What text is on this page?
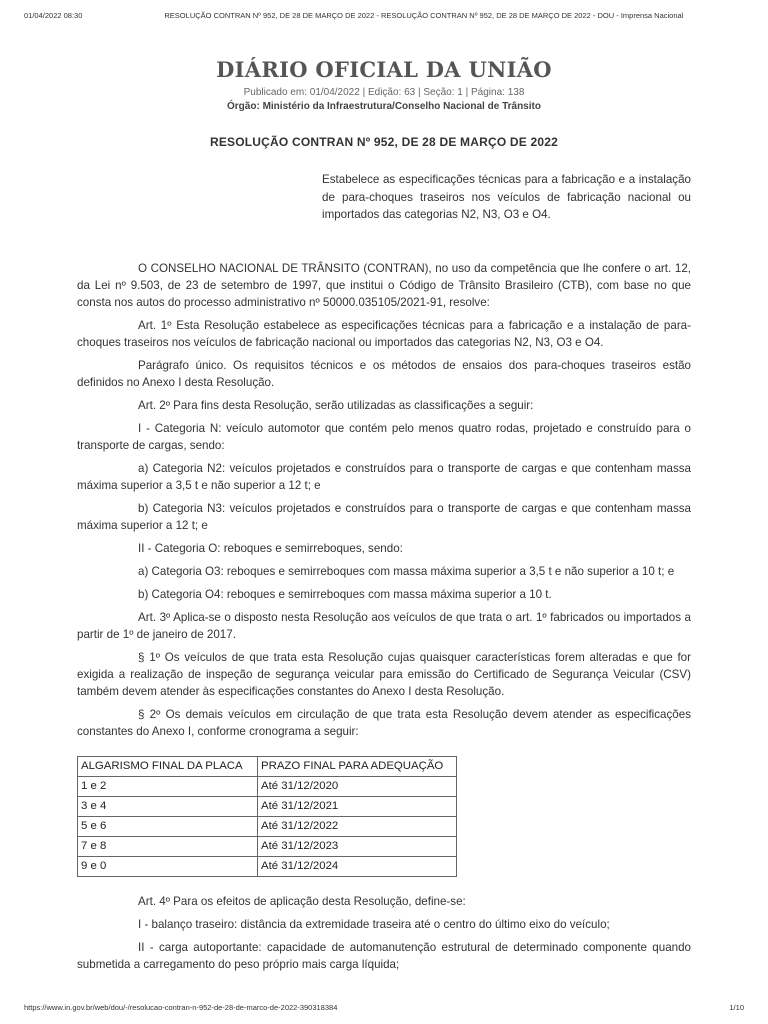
01/04/2022 08:30	RESOLUÇÃO CONTRAN Nº 952, DE 28 DE MARÇO DE 2022 - RESOLUÇÃO CONTRAN Nº 952, DE 28 DE MARÇO DE 2022 - DOU - Imprensa Nacional
DIÁRIO OFICIAL DA UNIÃO
Publicado em: 01/04/2022 | Edição: 63 | Seção: 1 | Página: 138
Órgão: Ministério da Infraestrutura/Conselho Nacional de Trânsito
RESOLUÇÃO CONTRAN Nº 952, DE 28 DE MARÇO DE 2022
Estabelece as especificações técnicas para a fabricação e a instalação de para-choques traseiros nos veículos de fabricação nacional ou importados das categorias N2, N3, O3 e O4.

O CONSELHO NACIONAL DE TRÂNSITO (CONTRAN), no uso da competência que lhe confere o art. 12, da Lei nº 9.503, de 23 de setembro de 1997, que institui o Código de Trânsito Brasileiro (CTB), com base no que consta nos autos do processo administrativo nº 50000.035105/2021-91, resolve:

Art. 1º Esta Resolução estabelece as especificações técnicas para a fabricação e a instalação de para-choques traseiros nos veículos de fabricação nacional ou importados das categorias N2, N3, O3 e O4.

Parágrafo único. Os requisitos técnicos e os métodos de ensaios dos para-choques traseiros estão definidos no Anexo I desta Resolução.

Art. 2º Para fins desta Resolução, serão utilizadas as classificações a seguir:

I - Categoria N: veículo automotor que contém pelo menos quatro rodas, projetado e construído para o transporte de cargas, sendo:

a) Categoria N2: veículos projetados e construídos para o transporte de cargas e que contenham massa máxima superior a 3,5 t e não superior a 12 t; e

b) Categoria N3: veículos projetados e construídos para o transporte de cargas e que contenham massa máxima superior a 12 t; e

II - Categoria O: reboques e semirreboques, sendo:

a) Categoria O3: reboques e semirreboques com massa máxima superior a 3,5 t e não superior a 10 t; e

b) Categoria O4: reboques e semirreboques com massa máxima superior a 10 t.

Art. 3º Aplica-se o disposto nesta Resolução aos veículos de que trata o art. 1º fabricados ou importados a partir de 1º de janeiro de 2017.

§ 1º Os veículos de que trata esta Resolução cujas quaisquer características forem alteradas e que for exigida a realização de inspeção de segurança veicular para emissão do Certificado de Segurança Veicular (CSV) também devem atender às especificações constantes do Anexo I desta Resolução.

§ 2º Os demais veículos em circulação de que trata esta Resolução devem atender as especificações constantes do Anexo I, conforme cronograma a seguir:

ALGARISMO FINAL DA PLACA	PRAZO FINAL PARA ADEQUAÇÃO
1 e 2	Até 31/12/2020
3 e 4	Até 31/12/2021
5 e 6	Até 31/12/2022
7 e 8	Até 31/12/2023
9 e 0	Até 31/12/2024

Art. 4º Para os efeitos de aplicação desta Resolução, define-se:

I - balanço traseiro: distância da extremidade traseira até o centro do último eixo do veículo;

II - carga autoportante: capacidade de automanutenção estrutural de determinado componente quando submetida a carregamento do peso próprio mais carga líquida;

https://www.in.gov.br/web/dou/-/resolucao-contran-n-952-de-28-de-marco-de-2022-390318384	1/10
